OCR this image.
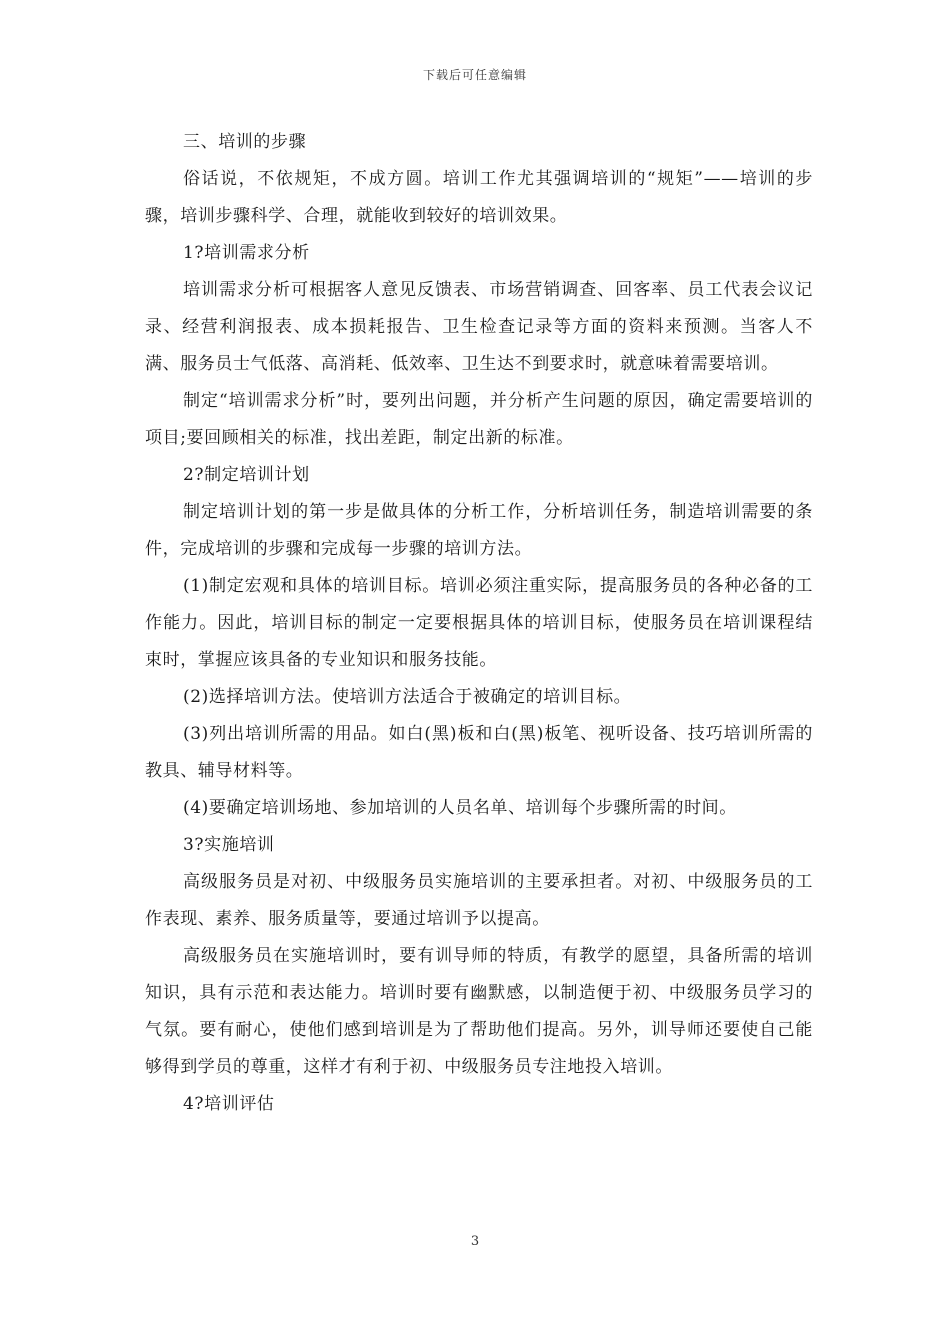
下载后可任意编辑

三、培训的步骤

俗话说，不依规矩，不成方圆。培训工作尤其强调培训的“规矩”——培训的步骤，培训步骤科学、合理，就能收到较好的培训效果。

1?培训需求分析

培训需求分析可根据客人意见反馈表、市场营销调查、回客率、员工代表会议记录、经营利润报表、成本损耗报告、卫生检查记录等方面的资料来预测。当客人不满、服务员士气低落、高消耗、低效率、卫生达不到要求时，就意味着需要培训。

制定“培训需求分析”时，要列出问题，并分析产生问题的原因，确定需要培训的项目;要回顾相关的标准，找出差距，制定出新的标准。

2?制定培训计划

制定培训计划的第一步是做具体的分析工作，分析培训任务，制造培训需要的条件，完成培训的步骤和完成每一步骤的培训方法。

(1)制定宏观和具体的培训目标。培训必须注重实际，提高服务员的各种必备的工作能力。因此，培训目标的制定一定要根据具体的培训目标，使服务员在培训课程结束时，掌握应该具备的专业知识和服务技能。

(2)选择培训方法。使培训方法适合于被确定的培训目标。

(3)列出培训所需的用品。如白(黑)板和白(黑)板笔、视听设备、技巧培训所需的教具、辅导材料等。

(4)要确定培训场地、参加培训的人员名单、培训每个步骤所需的时间。

3?实施培训

高级服务员是对初、中级服务员实施培训的主要承担者。对初、中级服务员的工作表现、素养、服务质量等，要通过培训予以提高。

高级服务员在实施培训时，要有训导师的特质，有教学的愿望，具备所需的培训知识，具有示范和表达能力。培训时要有幽默感，以制造便于初、中级服务员学习的气氛。要有耐心，使他们感到培训是为了帮助他们提高。另外，训导师还要使自己能够得到学员的尊重，这样才有利于初、中级服务员专注地投入培训。

4?培训评估

3
